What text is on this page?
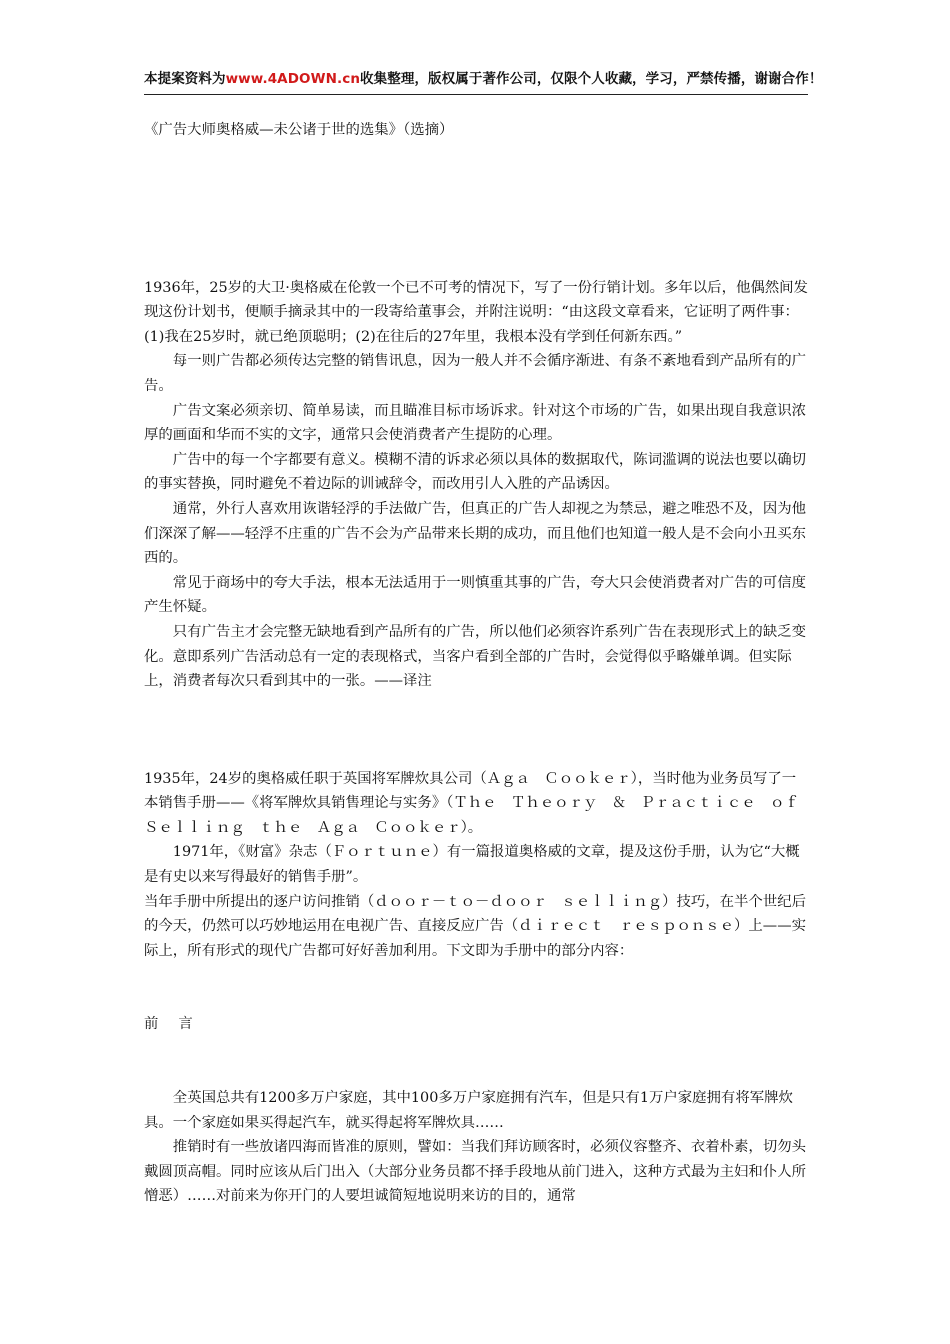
本提案资料为www.4ADOWN.cn收集整理，版权属于著作公司，仅限个人收藏，学习，严禁传播，谢谢合作！

《广告大师奥格威—未公诸于世的选集》（选摘）

1936年，25岁的大卫·奥格威在伦敦一个已不可考的情况下，写了一份行销计划。多年以后，他偶然间发现这份计划书，便顺手摘录其中的一段寄给董事会，并附注说明：“由这段文章看来，它证明了两件事：(1)我在25岁时，就已绝顶聪明；(2)在往后的27年里，我根本没有学到任何新东西。”

每一则广告都必须传达完整的销售讯息，因为一般人并不会循序渐进、有条不紊地看到产品所有的广告。

广告文案必须亲切、简单易读，而且瞄准目标市场诉求。针对这个市场的广告，如果出现自我意识浓厚的画面和华而不实的文字，通常只会使消费者产生提防的心理。

广告中的每一个字都要有意义。模糊不清的诉求必须以具体的数据取代，陈词滥调的说法也要以确切的事实替换，同时避免不着边际的训诫辞令，而改用引人入胜的产品诱因。

通常，外行人喜欢用诙谐轻浮的手法做广告，但真正的广告人却视之为禁忌，避之唯恐不及，因为他们深深了解——轻浮不庄重的广告不会为产品带来长期的成功，而且他们也知道一般人是不会向小丑买东西的。

常见于商场中的夸大手法，根本无法适用于一则慎重其事的广告，夸大只会使消费者对广告的可信度产生怀疑。

只有广告主才会完整无缺地看到产品所有的广告，所以他们必须容许系列广告在表现形式上的缺乏变化。意即系列广告活动总有一定的表现格式，当客户看到全部的广告时，会觉得似乎略嫌单调。但实际上，消费者每次只看到其中的一张。——译注

1935年，24岁的奥格威任职于英国将军牌炊具公司（Ａｇａ　Ｃｏｏｋｅｒ），当时他为业务员写了一本销售手册——《将军牌炊具销售理论与实务》（Ｔｈｅ　Ｔｈｅｏｒｙ　＆　Ｐｒａｃｔｉｃｅ　ｏｆ　Ｓｅｌｌｉｎｇ　ｔｈｅ　Ａｇａ　Ｃｏｏｋｅｒ）。

1971年，《财富》杂志（Ｆｏｒｔｕｎｅ）有一篇报道奥格威的文章，提及这份手册，认为它“大概是有史以来写得最好的销售手册”。

当年手册中所提出的逐户访问推销（ｄｏｏｒ－ｔｏ－ｄｏｏｒ　ｓｅｌｌｉｎｇ）技巧，在半个世纪后的今天，仍然可以巧妙地运用在电视广告、直接反应广告（ｄｉｒｅｃｔ　ｒｅｓｐｏｎｓｅ）上——实际上，所有形式的现代广告都可好好善加利用。下文即为手册中的部分内容：

前 言

全英国总共有1200多万户家庭，其中100多万户家庭拥有汽车，但是只有1万户家庭拥有将军牌炊具。一个家庭如果买得起汽车，就买得起将军牌炊具……

推销时有一些放诸四海而皆准的原则，譬如：当我们拜访顾客时，必须仪容整齐、衣着朴素，切勿头戴圆顶高帽。同时应该从后门出入（大部分业务员都不择手段地从前门进入，这种方式最为主妇和仆人所憎恶）……对前来为你开门的人要坦诚简短地说明来访的目的，通常
